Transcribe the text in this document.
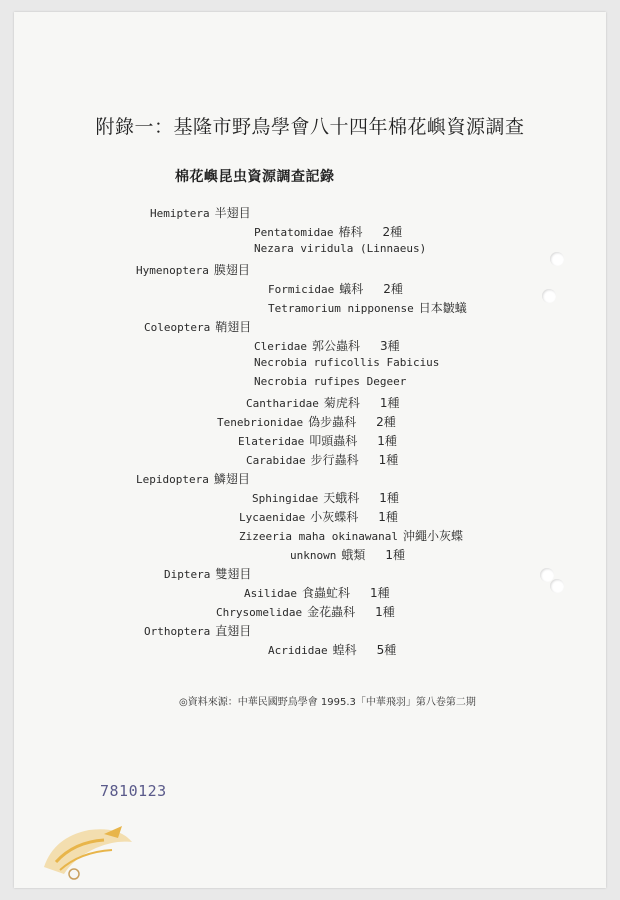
附錄一：基隆市野鳥學會八十四年棉花嶼資源調查
棉花嶼昆虫資源調查記錄
Hemiptera 半翅目
Pentatomidae 椿科 2種
Nezara viridula (Linnaeus)
Hymenoptera 膜翅目
Formicidae 蟻科 2種
Tetramorium nipponense 日本皺蟻
Coleoptera 鞘翅目
Cleridae 郭公蟲科 3種
Necrobia ruficollis Fabicius
Necrobia rufipes Degeer
Cantharidae 菊虎科 1種
Tenebrionidae 偽步蟲科 2種
Elateridae 叩頭蟲科 1種
Carabidae 步行蟲科 1種
Lepidoptera 鱗翅目
Sphingidae 天蛾科 1種
Lycaenidae 小灰蝶科 1種
Zizeeria maha okinawanal 沖繩小灰蝶
unknown 蛾類 1種
Diptera 雙翅目
Asilidae 食蟲虻科 1種
Chrysomelidae 金花蟲科 1種
Orthoptera 直翅目
Acrididae 蝗科 5種
◎資料來源：中華民國野鳥學會 1995.3「中華飛羽」第八卷第二期
7810123
